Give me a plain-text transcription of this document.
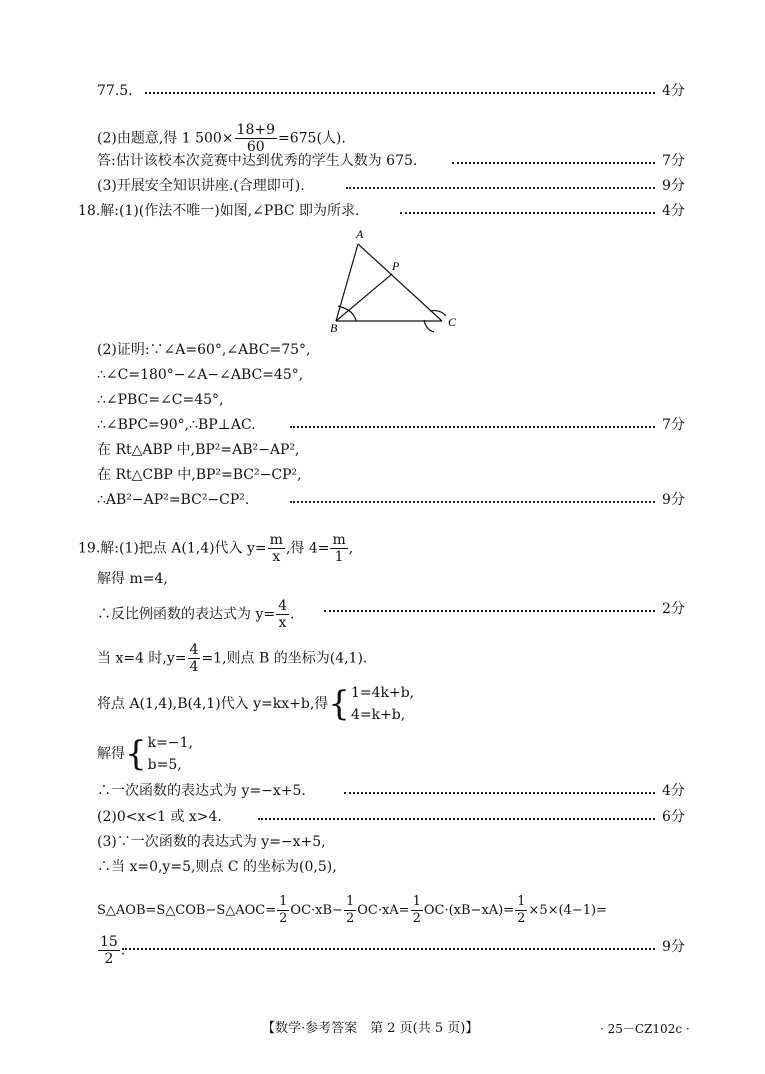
77.5.	4分
(2)由题意,得 1 $500\times \frac{18+9}{60} =675$(人).
答:估计该校本次竞赛中达到优秀的学生人数为 675.	7分
(3)开展安全知识讲座.(合理即可).	9分
18.解:(1)(作法不唯一)如图,∠PBC 即为所求.	4分
A
P
B	C
(2)证明:∵∠A=60°,∠ABC=75°,
∴∠C=180°−∠A−∠ABC=45°,
∴∠PBC=∠C=45°,
∴∠BPC=90°,∴BP⊥AC.	7分
在 Rt△ABP 中,BP²=AB²−AP²,
在 Rt△CBP 中,BP²=BC²−CP²,
∴AB²−AP²=BC²−CP².	9分
19.解:(1)把点 A(1,4)代入 $y= \frac{m}{x}$ ,得 $4= \frac{m}{1}$ ,
解得 m=4,
∴反比例函数的表达式为 $y= \frac{4}{x}$ .	2分
当 x=4 时$,y= \frac{4}{4} =1$,则点 B 的坐标为(4,1).
将点 A(1,4),B(4,1)代入 y=kx+b,得{ 1=4k+b,
4=k+b,
解得{ k=−1,
b=5,
∴一次函数的表达式为 y=−x+5.	4分
(2)0<x<1 或 x>4.	6分
(3)∵一次函数的表达式为 y=−x+5,
∴当 x=0,y=5,则点 C 的坐标为(0,5),
S△AOB=S△COB−S△AOC= $\frac{1}{2} OC\cdot xB- \frac{1}{2} OC\cdot xA= \frac{1}{2} OC\cdot(xB-xA)= \frac{1}{2} \times 5\times(4-1)=$
$\frac{15}{2}$ .	9分
【数学·参考答案　第 2 页(共 5 页)】	· 25－CZ102c ·
